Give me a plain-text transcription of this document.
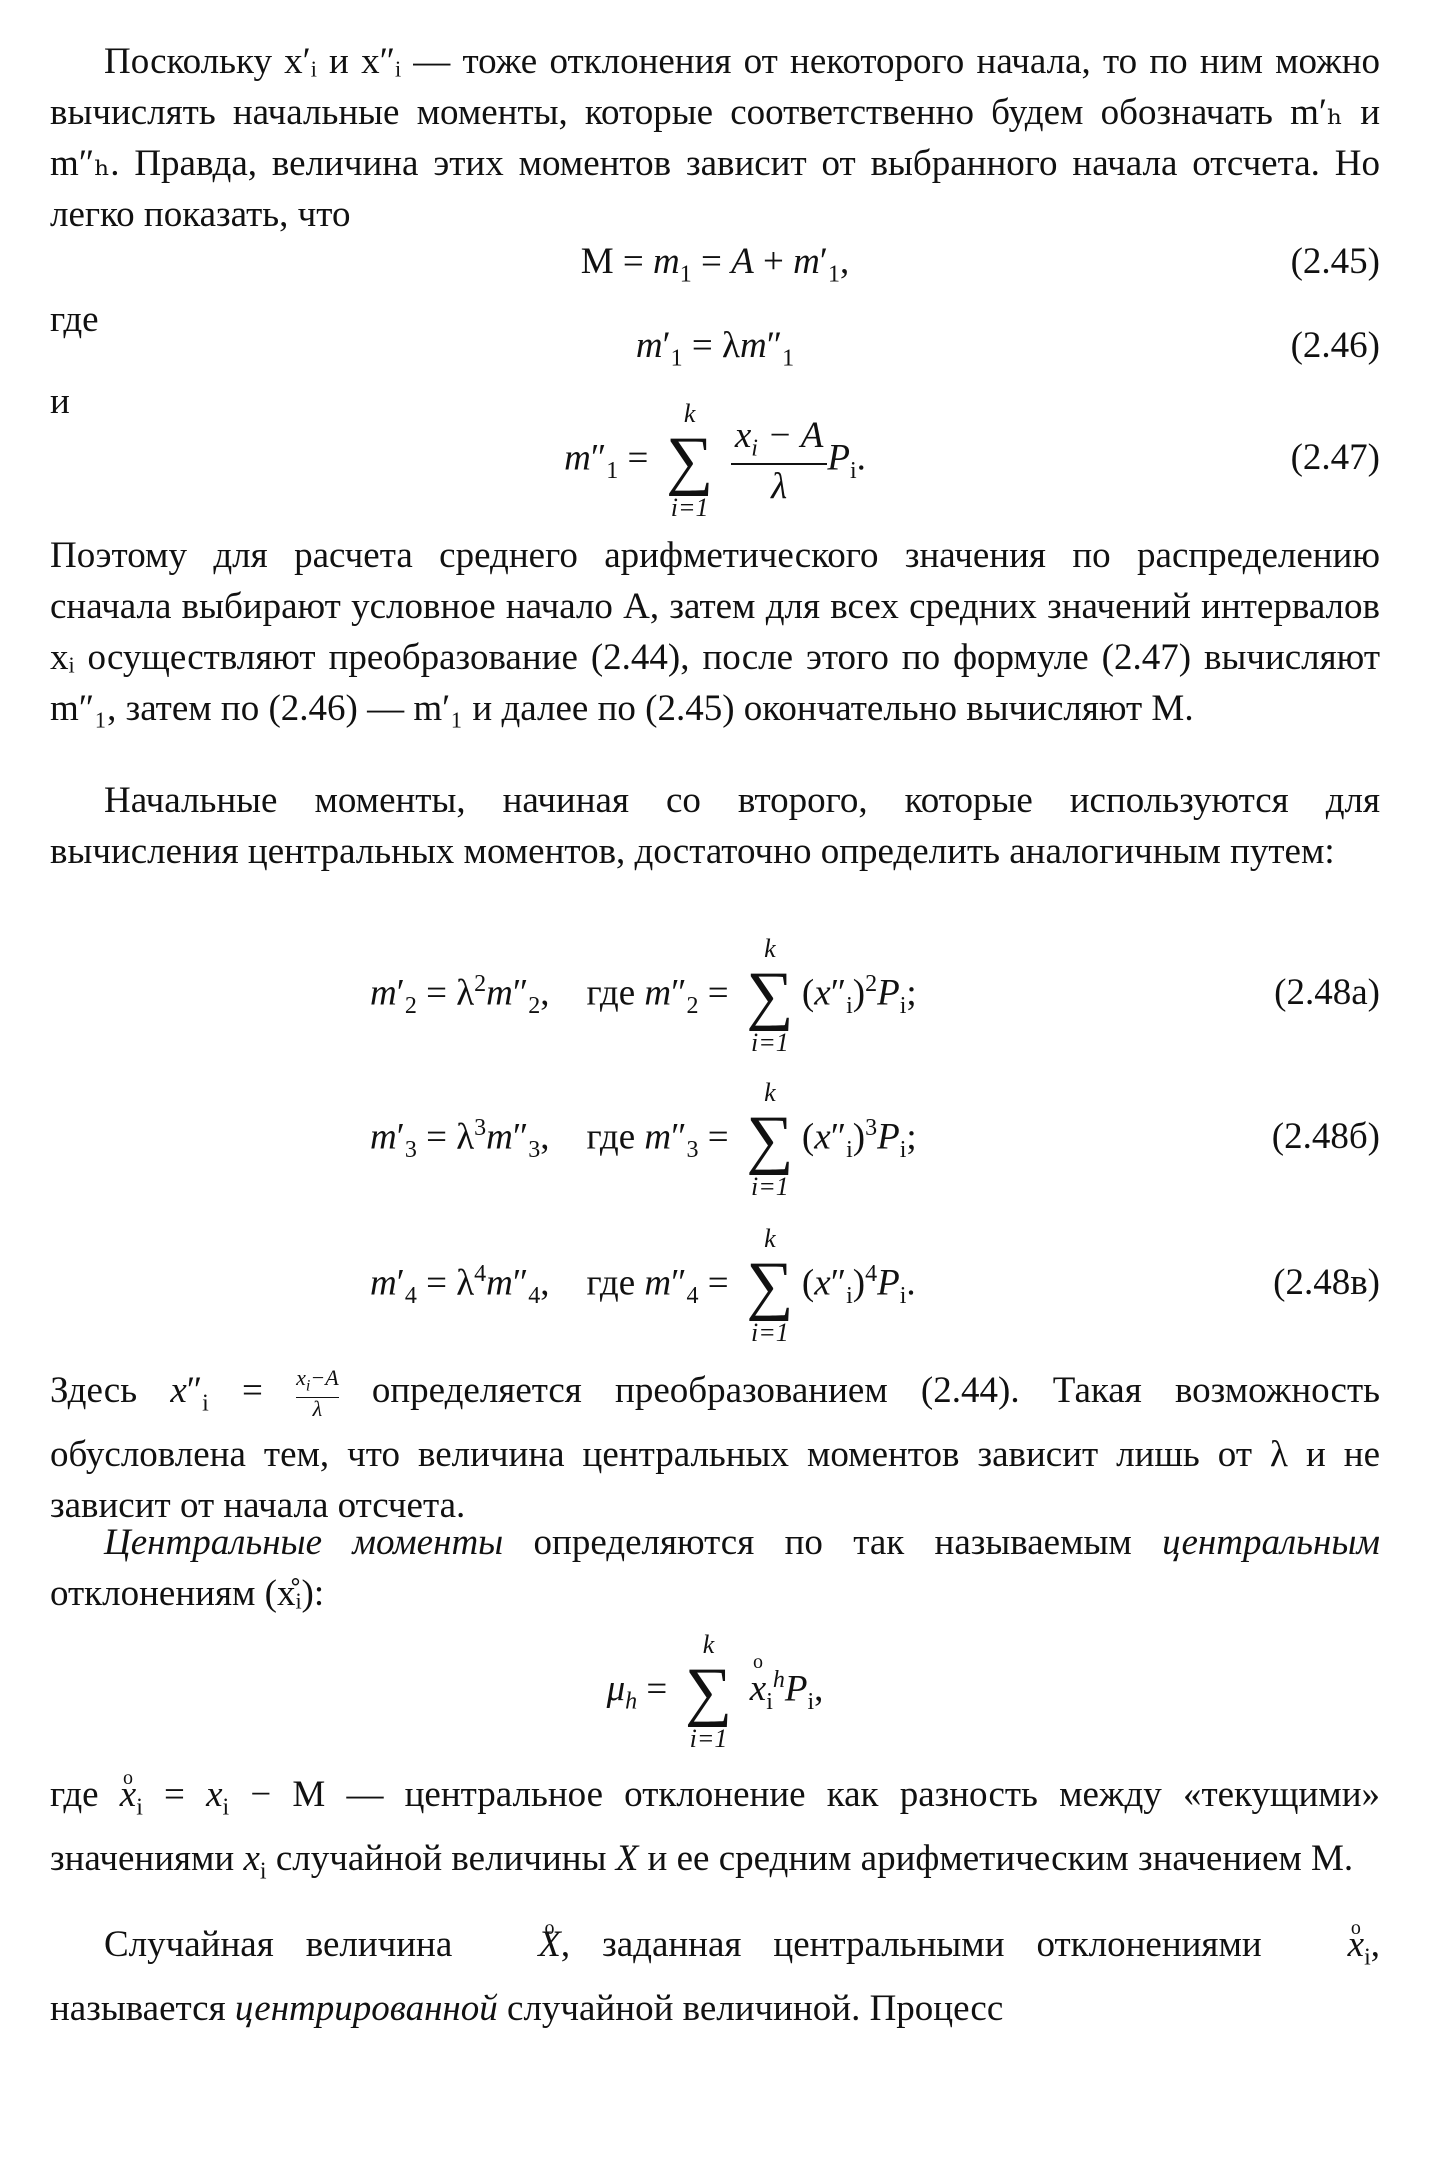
Поскольку x′ᵢ и x″ᵢ — тоже отклонения от некоторого начала, то по ним можно вычислять начальные моменты, которые соответственно будем обозначать m′ₕ и m″ₕ. Правда, величина этих моментов зависит от выбранного начала отсчета. Но легко показать, что

$M = m_1 = A + m'_1$,	(2.45)
где
$m'_1 = \lambda m''_1$	(2.46)
и
$m''_1$ =
k
∑
i=1
$\frac{x_i - A}{\lambda} P_i$.	(2.47)

Поэтому для расчета среднего арифметического значения по распределению сначала выбирают условное начало A, затем для всех средних значений интервалов xᵢ осуществляют преобразование (2.44), после этого по формуле (2.47) вычисляют m″₁, затем по (2.46) — m′₁ и далее по (2.45) окончательно вычисляют M.

Начальные моменты, начиная со второго, которые используются для вычисления центральных моментов, достаточно определить аналогичным путем:

$m'_2 = \lambda^2m''_2$,    где $m''_2$ =
k
∑
i=1
$(x''_i)^2P_i$;	(2.48а)
$m'_3 = \lambda^3m''_3$,    где $m''_3$ =
k
∑
i=1
$(x''_i)^3P_i$;	(2.48б)
$m'_4 = \lambda^4m''_4$,    где $m''_4$ =
k
∑
i=1
$(x''_i)^4P_i$.	(2.48в)

Здесь $x''_i = \frac{x_i-A}{\lambda}$ определяется преобразованием (2.44). Такая возможность обусловлена тем, что величина центральных моментов зависит лишь от λ и не зависит от начала отсчета.

Центральные моменты определяются по так называемым центральным отклонениям (x̊ᵢ):

$\mu_h$ =
k
∑
i=1
o $x_i^hP_i$,

где o $x_i = x_i - M$ — центральное отклонение как разность между «текущими» значениями $x_i$ случайной величины X и ее средним арифметическим значением M.

Случайная величина o X, заданная центральными отклонениями o $x_i$, называется центрированной случайной величиной. Процесс
